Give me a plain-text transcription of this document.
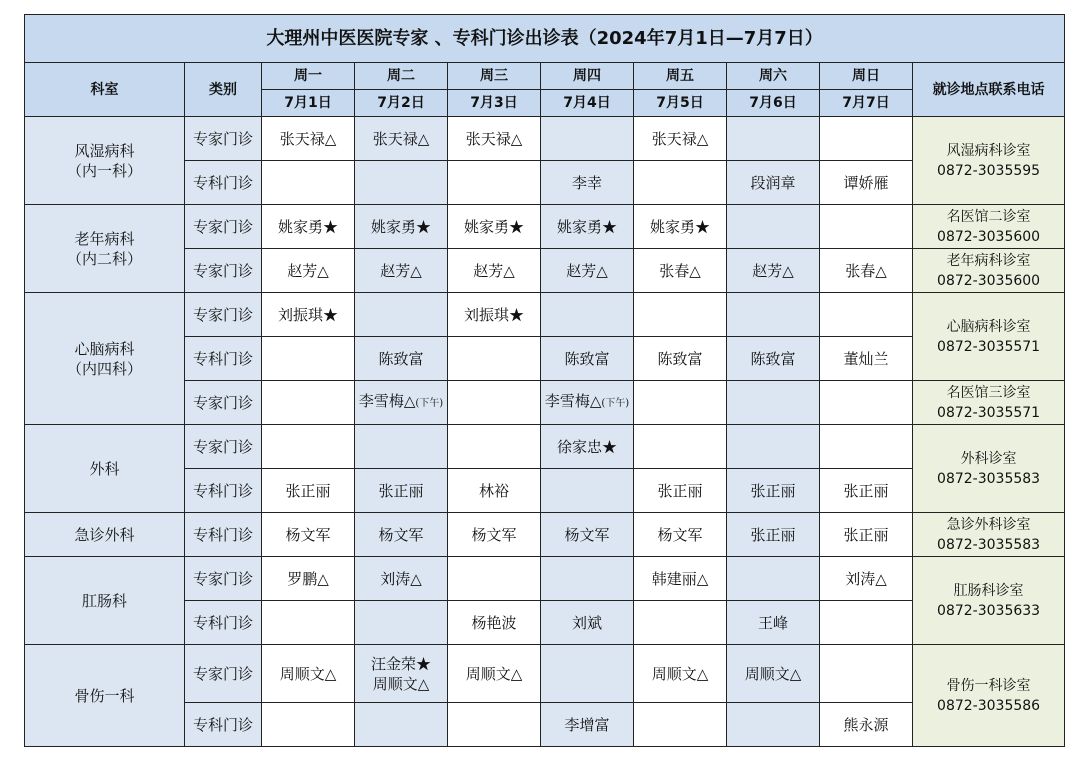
大理州中医医院专家 、专科门诊出诊表（2024年7月1日—7月7日）									
科室	类别	周一	周二	周三	周四	周五	周六	周日	就诊地点联系电话
		7月1日	7月2日	7月3日	7月4日	7月5日	7月6日	7月7日	

风湿病科
（内一科）	专家门诊	张天禄△	张天禄△	张天禄△		张天禄△			风湿病科诊室
0872-3035595

	专科门诊				李幸		段润章	谭娇雁	

老年病科
（内二科）	专家门诊	姚家勇★	姚家勇★	姚家勇★	姚家勇★	姚家勇★			名医馆二诊室
0872-3035600

	专家门诊	赵芳△	赵芳△	赵芳△	赵芳△	张春△	赵芳△	张春△	老年病科诊室
0872-3035600

心脑病科
（内四科）	专家门诊	刘振琪★		刘振琪★					心脑病科诊室
0872-3035571

	专科门诊		陈致富		陈致富	陈致富	陈致富	董灿兰	
	专家门诊		李雪梅△(下午)		李雪梅△(下午)				名医馆三诊室
0872-3035571

外科	专家门诊				徐家忠★				外科诊室
0872-3035583

	专科门诊	张正丽	张正丽	林裕		张正丽	张正丽	张正丽	

急诊外科	专科门诊	杨文军	杨文军	杨文军	杨文军	杨文军	张正丽	张正丽	急诊外科诊室
0872-3035583

肛肠科	专家门诊	罗鹏△	刘涛△			韩建丽△		刘涛△	肛肠科诊室
0872-3035633

	专科门诊			杨艳波	刘斌		王峰		

骨伤一科	专家门诊	周顺文△	汪金荣★
周顺文△	周顺文△		周顺文△	周顺文△		骨伤一科诊室
0872-3035586

	专科门诊				李增富			熊永源	
